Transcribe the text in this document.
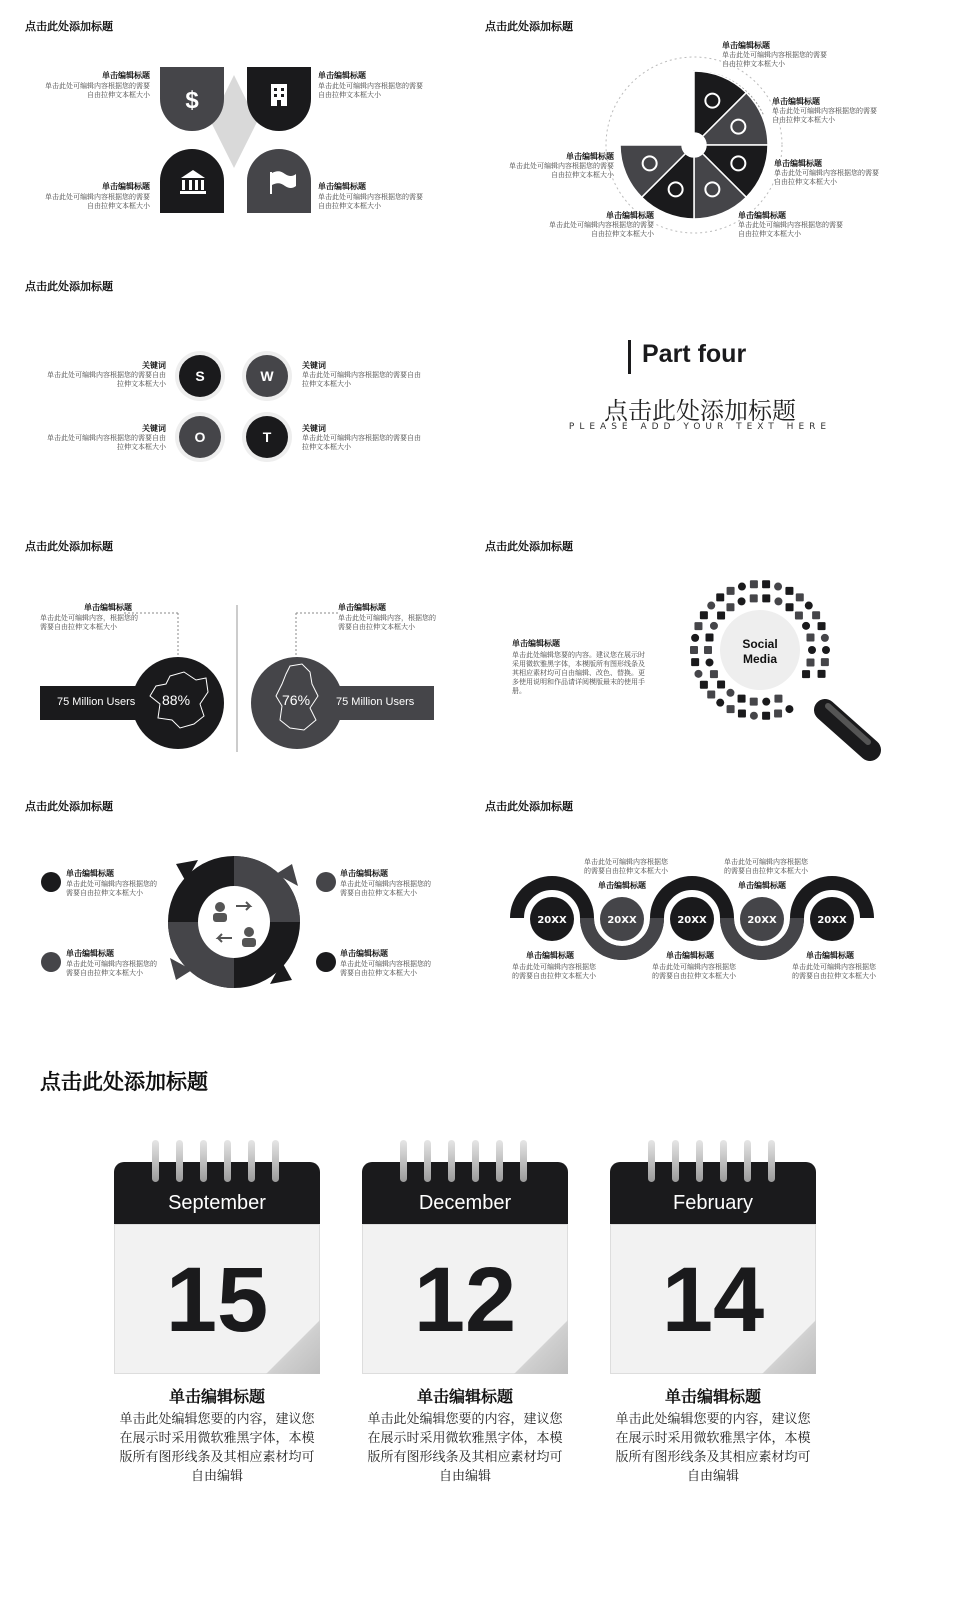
点击此处添加标题
$
单击编辑标题
单击此处可编辑内容根据您的需要
自由拉伸文本框大小
单击编辑标题
单击此处可编辑内容根据您的需要
自由拉伸文本框大小
单击编辑标题
单击此处可编辑内容根据您的需要
自由拉伸文本框大小
单击编辑标题
单击此处可编辑内容根据您的需要
自由拉伸文本框大小
点击此处添加标题
单击编辑标题
单击此处可编辑内容根据您的需要
自由拉伸文本框大小
单击编辑标题
单击此处可编辑内容根据您的需要
自由拉伸文本框大小
单击编辑标题
单击此处可编辑内容根据您的需要
自由拉伸文本框大小
单击编辑标题
单击此处可编辑内容根据您的需要
自由拉伸文本框大小
单击编辑标题
单击此处可编辑内容根据您的需要
自由拉伸文本框大小
单击编辑标题
单击此处可编辑内容根据您的需要
自由拉伸文本框大小
点击此处添加标题
S	W
O	T
关键词
单击此处可编辑内容根据您的需要自由
拉伸文本框大小
关键词
单击此处可编辑内容根据您的需要自由
拉伸文本框大小
关键词
单击此处可编辑内容根据您的需要自由
拉伸文本框大小
关键词
单击此处可编辑内容根据您的需要自由
拉伸文本框大小
Part four
点击此处添加标题
PLEASE ADD YOUR TEXT HERE
点击此处添加标题
单击编辑标题
单击此处可编辑内容，根据您的
需要自由拉伸文本框大小
单击编辑标题
单击此处可编辑内容，根据您的
需要自由拉伸文本框大小
75 Million Users 88%	76% 75 Million Users
点击此处添加标题
单击编辑标题
单击此处编辑您要的内容。建议您在展示时采用微软雅黑字体，本模版所有图形线条及其相应素材均可自由编辑、改色、替换。更多使用说明和作品请详阅模版最末的使用手册。
Social
Media
点击此处添加标题
单击编辑标题
单击此处可编辑内容根据您的
需要自由拉伸文本框大小
单击编辑标题
单击此处可编辑内容根据您的
需要自由拉伸文本框大小
单击编辑标题
单击此处可编辑内容根据您的
需要自由拉伸文本框大小
单击编辑标题
单击此处可编辑内容根据您的
需要自由拉伸文本框大小
点击此处添加标题
20XX	20XX	20XX	20XX	20XX
单击此处可编辑内容根据您
的需要自由拉伸文本框大小
单击编辑标题
单击此处可编辑内容根据您
的需要自由拉伸文本框大小
单击编辑标题
单击编辑标题
单击此处可编辑内容根据您
的需要自由拉伸文本框大小
单击编辑标题
单击此处可编辑内容根据您
的需要自由拉伸文本框大小
单击编辑标题
单击此处可编辑内容根据您
的需要自由拉伸文本框大小
点击此处添加标题
September
15
单击编辑标题
单击此处编辑您要的内容，建议您在展示时采用微软雅黑字体，本模版所有图形线条及其相应素材均可自由编辑
December
12
单击编辑标题
单击此处编辑您要的内容，建议您在展示时采用微软雅黑字体，本模版所有图形线条及其相应素材均可自由编辑
February
14
单击编辑标题
单击此处编辑您要的内容，建议您在展示时采用微软雅黑字体，本模版所有图形线条及其相应素材均可自由编辑
